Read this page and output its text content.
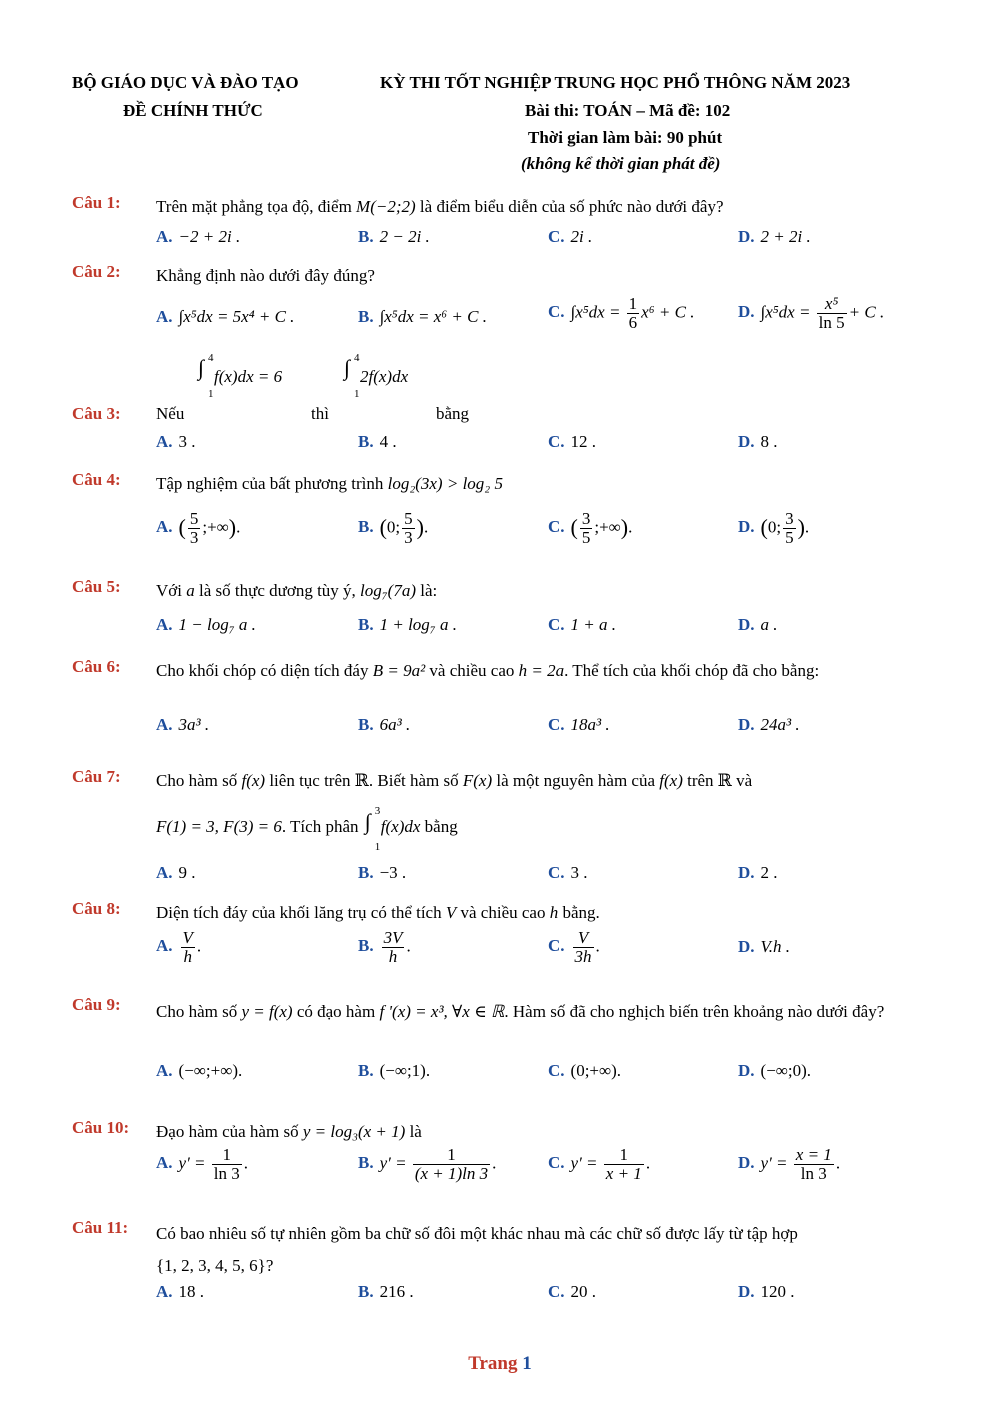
BỘ GIÁO DỤC VÀ ĐÀO TẠO
ĐỀ CHÍNH THỨC
KỲ THI TỐT NGHIỆP TRUNG HỌC PHỔ THÔNG NĂM 2023
Bài thi: TOÁN – Mã đề: 102
Thời gian làm bài: 90 phút
(không kể thời gian phát đề)
Câu 1: Trên mặt phẳng tọa độ, điểm M(−2;2) là điểm biểu diễn của số phức nào dưới đây?
A. −2 + 2i .	B. 2 − 2i .	C. 2i .	D. 2 + 2i .
Câu 2: Khẳng định nào dưới đây đúng?
A. ∫x⁵dx = 5x⁴ + C .	B. ∫x⁵dx = x⁶ + C .	C. $\int x^5dx = \frac{1}{6} x^6 + C$ .	D. $\int x^5dx = \frac{\text{x⁵}}{\ln 5} + C$ .
Câu 3: Nếu
∫ 4
1
f(x)dx = 6
thì
∫ 4
1
2f(x)dx
bằng
A. 3 .	B. 4 .	C. 12 .	D. 8 .
Câu 4: Tập nghiệm của bất phương trình log₂(3x) > log₂ 5
A. ( $\frac{5}{3}$ ;+∞).	B. (0; $\frac{5}{3}$ ).	C. ( $\frac{3}{5}$ ;+∞).	D. (0; $\frac{3}{5}$ ).
Câu 5: Với a là số thực dương tùy ý, log₇(7a) là:
A. 1 − log₇ a .	B. 1 + log₇ a .	C. 1 + a .	D. a .
Câu 6: Cho khối chóp có diện tích đáy B = 9a² và chiều cao h = 2a. Thể tích của khối chóp đã cho bằng:
A. 3a³ .	B. 6a³ .	C. 18a³ .	D. 24a³ .
Câu 7: Cho hàm số f(x) liên tục trên ℝ. Biết hàm số F(x) là một nguyên hàm của f(x) trên ℝ và
F(1) = 3, F(3) = 6. Tích phân ∫ 3
1
f(x)dx bằng
A. 9 .	B. −3 .	C. 3 .	D. 2 .
Câu 8: Diện tích đáy của khối lăng trụ có thể tích V và chiều cao h bằng.
A. $\frac{V}{h}$ .	B. $\frac{3V}{h}$ .	C. $\frac{V}{3h}$ .	D. V.h .
Câu 9: Cho hàm số y = f(x) có đạo hàm f '(x) = x³, ∀x ∈ ℝ. Hàm số đã cho nghịch biến trên khoảng nào dưới đây?
A. (−∞;+∞).	B. (−∞;1).	C. (0;+∞).	D. (−∞;0).
Câu 10: Đạo hàm của hàm số y = log₃(x + 1) là
A. $y' = \frac{1}{\ln 3}$ .	B. $y' = \frac{1}{(x + 1)\ln 3}$ .	C. $y' = \frac{1}{x + 1}$ .	D. $y' = \frac{x = 1}{\ln 3}$ .
Câu 11: Có bao nhiêu số tự nhiên gồm ba chữ số đôi một khác nhau mà các chữ số được lấy từ tập hợp
{1, 2, 3, 4, 5, 6}?
A. 18 .	B. 216 .	C. 20 .	D. 120 .
Trang 1
